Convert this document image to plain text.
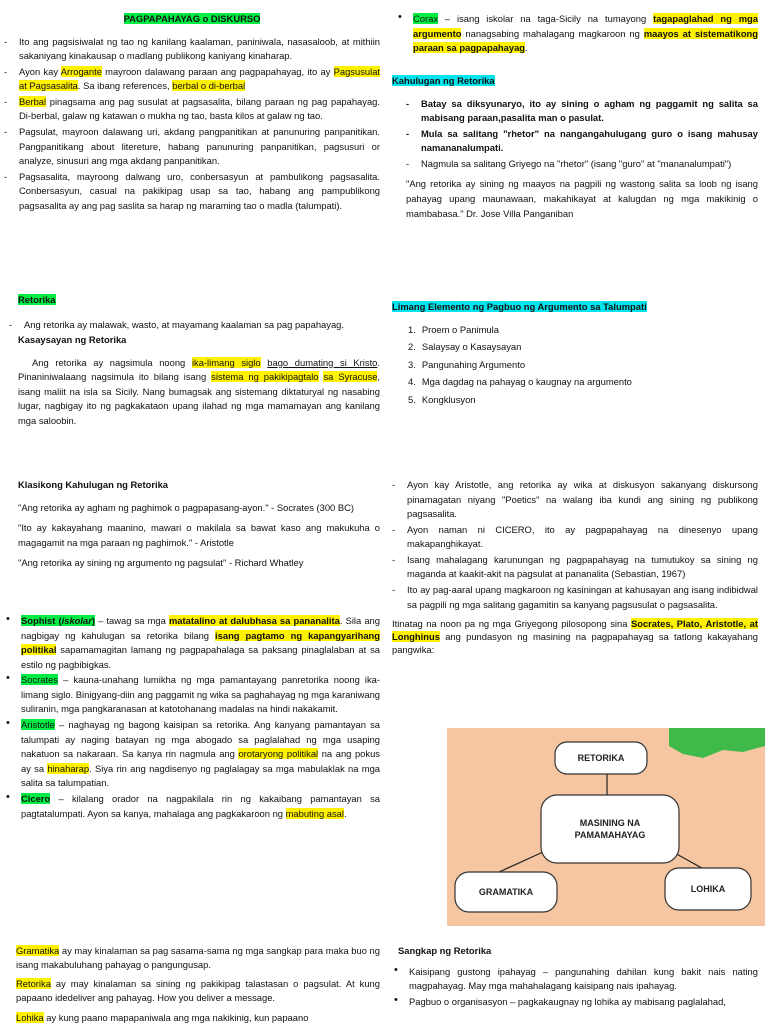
PAGPAPAHAYAG o DISKURSO
-	Ito ang pagsisiwalat ng tao ng kanilang kaalaman, paniniwala, nasasaloob, at mithiin sakaniyang kinakausap o madlang publikong kaniyang kinaharap.
-	Ayon kay Arrogante mayroon dalawang paraan ang pagpapahayag, ito ay Pagsusulat at Pagsasalita. Sa ibang references, berbal o di-berbal
-	Berbal pinagsama ang pag susulat at pagsasalita, bilang paraan ng pag papahayag. Di-berbal, galaw ng katawan o mukha ng tao, basta kilos at galaw ng tao.
-	Pagsulat, mayroon dalawang uri, akdang pangpanitikan at panunuring panpanitikan. Pangpanitikang about litereture, habang panunuring panpanitikan, pagsusuri or analyze, sinusuri ang mga akdang panpanitikan.
-	Pagsasalita, mayroong dalwang uro, conbersasyun at pambulikong pagsasalita. Conbersasyun, casual na pakikipag usap sa tao, habang ang pampublikong pagsasalita ay ang pag saslita sa harap ng maraming tao o madla (talumpati).
Retorika
-	Ang retorika ay malawak, wasto, at mayamang kaalaman sa pag papahayag.
Kasaysayan ng Retorika

Ang retorika ay nagsimula noong ika-limang siglo bago dumating si Kristo. Pinaniniwalaang nagsimula ito bilang isang sistema ng pakikipagtalo sa Syracuse, isang maliit na isla sa Sicily. Nang bumagsak ang sistemang diktaturyal ng nasabing lugar, nagbigay ito ng pagkakataon upang ilahad ng mga mamamayan ang kanilang mga saloobin.

Klasikong Kahulugan ng Retorika

"Ang retorika ay agham ng paghimok o pagpapasang-ayon." - Socrates (300 BC)

"Ito ay kakayahang maanino, mawari o makilala sa bawat kaso ang makukuha o magagamit na mga paraan ng paghimok." - Aristotle

"Ang retorika ay sining ng argumento ng pagsulat" - Richard Whatley

•	Sophist (iskolar) – tawag sa mga matatalino at dalubhasa sa pananalita. Sila ang nagbigay ng kahulugan sa retorika bilang isang pagtamo ng kapangyarihang politikal sapamamagitan lamang ng pagpapahalaga sa paksang pinaglalaban at sa estilo ng pagbibigkas.
•	Socrates – kauna-unahang lumikha ng mga pamantayang panretorika noong ika-limang siglo. Binigyang-diin ang paggamit ng wika sa paghahayag ng mga karaniwang suliranin, mga pangkaranasan at katotohanang madalas na hindi nakakamit.
•	Aristotle – naghayag ng bagong kaisipan sa retorika. Ang kanyang pamantayan sa talumpati ay naging batayan ng mga abogado sa paglalahad ng mga usaping nakatuon sa nakaraan. Sa kanya rin nagmula ang orotaryong politikal na ang pokus ay sa hinaharap. Siya rin ang nagdisenyo ng paglalagay sa mga mabulaklak na mga salita sa talumpatian.
•	Cicero – kilalang orador na nagpakilala rin ng kakaibang pamantayan sa pagtatalumpati. Ayon sa kanya, mahalaga ang pagkakaroon ng mabuting asal.

Gramatika ay may kinalaman sa pag sasama-sama ng mga sangkap para maka buo ng isang makabuluhang pahayag o pangungusap.

Retorika ay may kinalaman sa sining ng pakikipag talastasan o pagsulat. At kung papaano idedeliver ang pahayag. How you deliver a message.

Lohika ay kung paano mapapaniwala ang mga nakikinig, kun papaano

•	Corax – isang iskolar na taga-Sicily na tumayong tagapaglahad ng mga argumento nanagsabing mahalagang magkaroon ng maayos at sistematikong paraan sa pagpapahayag.
Kahulugan ng Retorika
-	Batay sa diksyunaryo, ito ay sining o agham ng paggamit ng salita sa mabisang paraan,pasalita man o pasulat.
-	Mula sa salitang "rhetor" na nangangahulugang guro o isang mahusay namananalumpati.
-	Nagmula sa salitang Griyego na "rhetor" (isang "guro" at "mananalumpati")

"Ang retorika ay sining ng maayos na pagpili ng wastong salita sa loob ng isang pahayag upang maunawaan, makahikayat at kalugdan ng mga makikinig o mambabasa." Dr. Jose Villa Panganiban

Limang Elemento ng Pagbuo ng Argumento sa Talumpati
1. Proem o Panimula
2. Salaysay o Kasaysayan
3. Pangunahing Argumento
4. Mga dagdag na pahayag o kaugnay na argumento
5. Kongklusyon
-	Ayon kay Aristotle, ang retorika ay wika at diskusyon sakanyang diskursong pinamagatan niyang "Poetics" na walang iba kundi ang sining ng publikong pagsasalita.
-	Ayon naman ni CICERO, ito ay pagpapahayag na dinesenyo upang makapanghikayat.
-	Isang mahalagang karunungan ng pagpapahayag na tumutukoy sa sining ng maganda at kaakit-akit na pagsulat at pananalita (Sebastian, 1967)
-	Ito ay pag-aaral upang magkaroon ng kasiningan at kahusayan ang isang indibidwal sa pagpili ng mga salitang gagamitin sa kanyang pagsusulat o pagsasalita.

Itinatag na noon pa ng mga Griyegong pilosopong sina Socrates, Plato, Aristotle, at Longhinus ang pundasyon ng masining na pagpapahayag sa tatlong kakayahang pangwika:

RETORIKA
MASINING NA
PAMAMAHAYAG
GRAMATIKA	LOHIKA
Sangkap ng Retorika
•	Kaisipang gustong ipahayag – pangunahing dahilan kung bakit nais nating magpahayag. May mga mahahalagang kaisipang nais ipahayag.
•	Pagbuo o organisasyon – pagkakaugnay ng lohika ay mabisang paglalahad,
